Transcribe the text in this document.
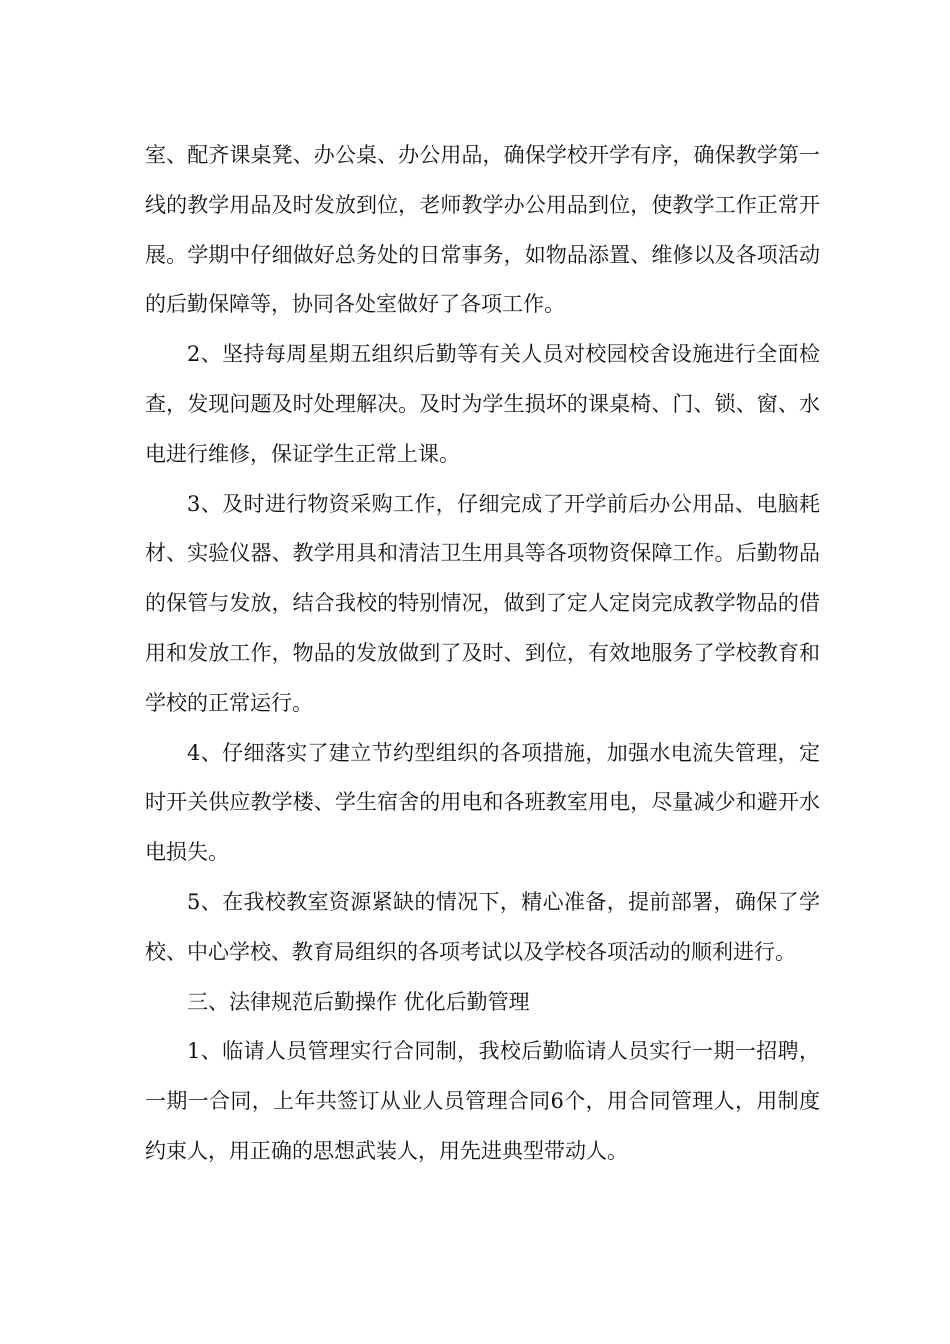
室、配齐课桌凳、办公桌、办公用品，确保学校开学有序，确保教学第一线的教学用品及时发放到位，老师教学办公用品到位，使教学工作正常开展。学期中仔细做好总务处的日常事务，如物品添置、维修以及各项活动的后勤保障等，协同各处室做好了各项工作。

2、坚持每周星期五组织后勤等有关人员对校园校舍设施进行全面检查，发现问题及时处理解决。及时为学生损坏的课桌椅、门、锁、窗、水电进行维修，保证学生正常上课。

3、及时进行物资采购工作，仔细完成了开学前后办公用品、电脑耗材、实验仪器、教学用具和清洁卫生用具等各项物资保障工作。后勤物品的保管与发放，结合我校的特别情况，做到了定人定岗完成教学物品的借用和发放工作，物品的发放做到了及时、到位，有效地服务了学校教育和学校的正常运行。

4、仔细落实了建立节约型组织的各项措施，加强水电流失管理，定时开关供应教学楼、学生宿舍的用电和各班教室用电，尽量减少和避开水电损失。

5、在我校教室资源紧缺的情况下，精心准备，提前部署，确保了学校、中心学校、教育局组织的各项考试以及学校各项活动的顺利进行。

三、法律规范后勤操作 优化后勤管理

1、临请人员管理实行合同制，我校后勤临请人员实行一期一招聘，一期一合同，上年共签订从业人员管理合同6个，用合同管理人，用制度约束人，用正确的思想武装人，用先进典型带动人。
